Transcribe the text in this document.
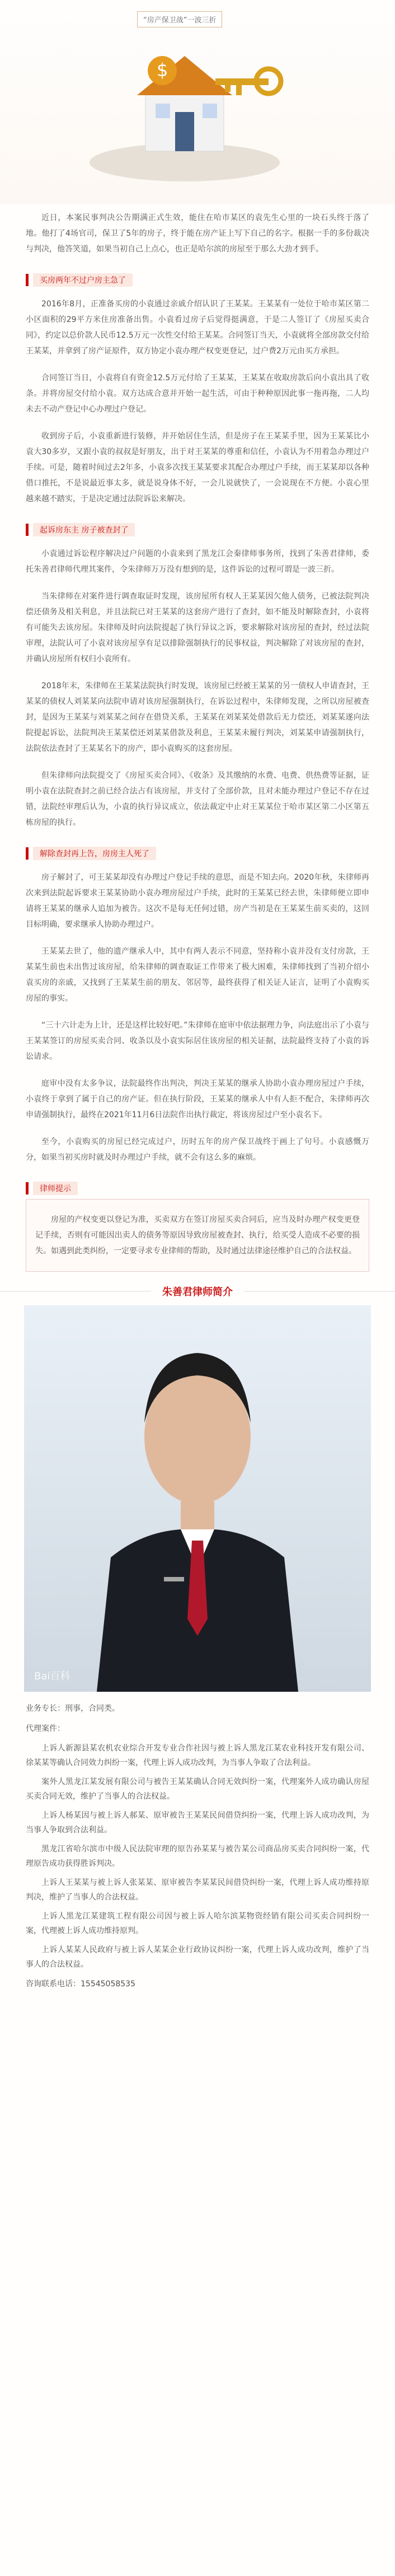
“房产保卫战”一波三折
$

近日，本案民事判决公告期满正式生效，能住在哈市某区的袁先生心里的一块石头终于落了地。他打了4场官司，保卫了5年的房子，终于能在房产证上写下自己的名字。根据一手的多份裁决与判决，他答笑道，如果当初自己上点心，也正是哈尔滨的房屋至于那么大劲才到手。

买房两年不过户房主急了

2016年8月，正准备买房的小袁通过亲戚介绍认识了王某某。王某某有一处位于哈市某区第二小区面积的29平方米住房准备出售。小袁看过房子后觉得挺满意，于是二人签订了《房屋买卖合同》，约定以总价款人民币12.5万元一次性交付给王某某。合同签订当天，小袁就将全部房款交付给王某某，并拿到了房产证原件，双方协定小袁办理产权变更登记，过户费2万元由买方承担。

合同签订当日，小袁将自有资金12.5万元付给了王某某，王某某在收取房款后向小袁出具了收条。并将房屋交付给小袁。双方达成合意并开始一起生活，可由于种种原因此事一拖再拖，二人均未去不动产登记中心办理过户登记。

收到房子后，小袁重新进行装修，并开始居住生活，但是房子在王某某手里，因为王某某比小袁大30多岁，又跟小袁的叔叔是好朋友，出于对王某某的尊重和信任，小袁认为不用着急办理过户手续。可是，随着时间过去2年多，小袁多次找王某某要求其配合办理过户手续，而王某某却以各种借口推托，不是说最近事太多，就是说身体不好，一会儿说就快了，一会说现在不方便。小袁心里越来越不踏实，于是决定通过法院诉讼来解决。

起诉房东主 房子被查封了

小袁通过诉讼程序解决过户问题的小袁来到了黑龙江会秦律师事务所，找到了朱善君律师，委托朱善君律师代理其案件，令朱律师万万没有想到的是，这件诉讼的过程可谓是一波三折。

当朱律师在对案件进行调查取证时发现，该房屋所有权人王某某因欠他人债务，已被法院判决偿还债务及相关利息，并且法院已对王某某的这套房产进行了查封，如不能及时解除查封，小袁将有可能失去该房屋。朱律师及时向法院提起了执行异议之诉，要求解除对该房屋的查封，经过法院审理，法院认可了小袁对该房屋享有足以排除强制执行的民事权益，判决解除了对该房屋的查封，并确认房屋所有权归小袁所有。

2018年末，朱律师在王某某法院执行时发现，该房屋已经被王某某的另一债权人申请查封，王某某的债权人刘某某向法院申请对该房屋强制执行，在诉讼过程中，朱律师发现，之所以房屋被查封，是因为王某某与刘某某之间存在借贷关系，王某某在刘某某处借款后无力偿还，刘某某遂向法院提起诉讼，法院判决王某某偿还刘某某借款及利息，王某某未履行判决，刘某某申请强制执行，法院依法查封了王某某名下的房产，即小袁购买的这套房屋。

但朱律师向法院提交了《房屋买卖合同》、《收条》及其缴纳的水费、电费、供热费等证据，证明小袁在法院查封之前已经合法占有该房屋，并支付了全部价款，且对未能办理过户登记不存在过错，法院经审理后认为，小袁的执行异议成立，依法裁定中止对王某某位于哈市某区第二小区第五栋房屋的执行。

解除查封再上告，房房主人死了

房子解封了，可王某某却没有办理过户登记手续的意思，而是不知去向。2020年秋，朱律师再次来到法院起诉要求王某某协助小袁办理房屋过户手续，此时的王某某已经去世，朱律师便立即申请将王某某的继承人追加为被告。这次不是每无任何过错，房产当初是在王某某生前买卖的，这回目标明确，要求继承人协助办理过户。

王某某去世了，他的遗产继承人中，其中有两人表示不同意，坚持称小袁并没有支付房款，王某某生前也未出售过该房屋，给朱律师的调查取证工作带来了极大困难，朱律师找到了当初介绍小袁买房的亲戚，又找到了王某某生前的朋友、邻居等，最终获得了相关证人证言，证明了小袁购买房屋的事实。

“三十六计走为上计，还是这样比较好吧。”朱律师在庭审中依法据理力争，向法庭出示了小袁与王某某签订的房屋买卖合同、收条以及小袁实际居住该房屋的相关证据，法院最终支持了小袁的诉讼请求。

庭审中没有太多争议，法院最终作出判决，判决王某某的继承人协助小袁办理房屋过户手续，小袁终于拿到了属于自己的房产证。但在执行阶段，王某某的继承人中有人拒不配合，朱律师再次申请强制执行，最终在2021年11月6日法院作出执行裁定，将该房屋过户至小袁名下。

至今，小袁购买的房屋已经完成过户，历时五年的房产保卫战终于画上了句号。小袁感慨万分，如果当初买房时就及时办理过户手续，就不会有这么多的麻烦。

律师提示

房屋的产权变更以登记为准，买卖双方在签订房屋买卖合同后，应当及时办理产权变更登记手续，否则有可能因出卖人的债务等原因导致房屋被查封、执行，给买受人造成不必要的损失。如遇到此类纠纷，一定要寻求专业律师的帮助，及时通过法律途径维护自己的合法权益。

朱善君律师简介
Bai百科

业务专长：刑事，合同类。

代理案件：

上诉人新源县某农机农业综合开发专业合作社因与被上诉人黑龙江某农业科技开发有限公司、徐某某等确认合同效力纠纷一案，代理上诉人成功改判，为当事人争取了合法利益。

案外人黑龙江某发展有限公司与被告王某某确认合同无效纠纷一案，代理案外人成功确认房屋买卖合同无效，维护了当事人的合法权益。

上诉人杨某因与被上诉人郝某、原审被告王某某民间借贷纠纷一案，代理上诉人成功改判，为当事人争取到合法利益。

黑龙江省哈尔滨市中级人民法院审理的原告孙某某与被告某公司商品房买卖合同纠纷一案，代理原告成功获得胜诉判决。

上诉人王某某与被上诉人张某某、原审被告李某某民间借贷纠纷一案，代理上诉人成功维持原判决，维护了当事人的合法权益。

上诉人黑龙江某建筑工程有限公司因与被上诉人哈尔滨某物资经销有限公司买卖合同纠纷一案，代理被上诉人成功维持原判。

上诉人某某人民政府与被上诉人某某企业行政协议纠纷一案，代理上诉人成功改判，维护了当事人的合法权益。

咨询联系电话：15545058535
